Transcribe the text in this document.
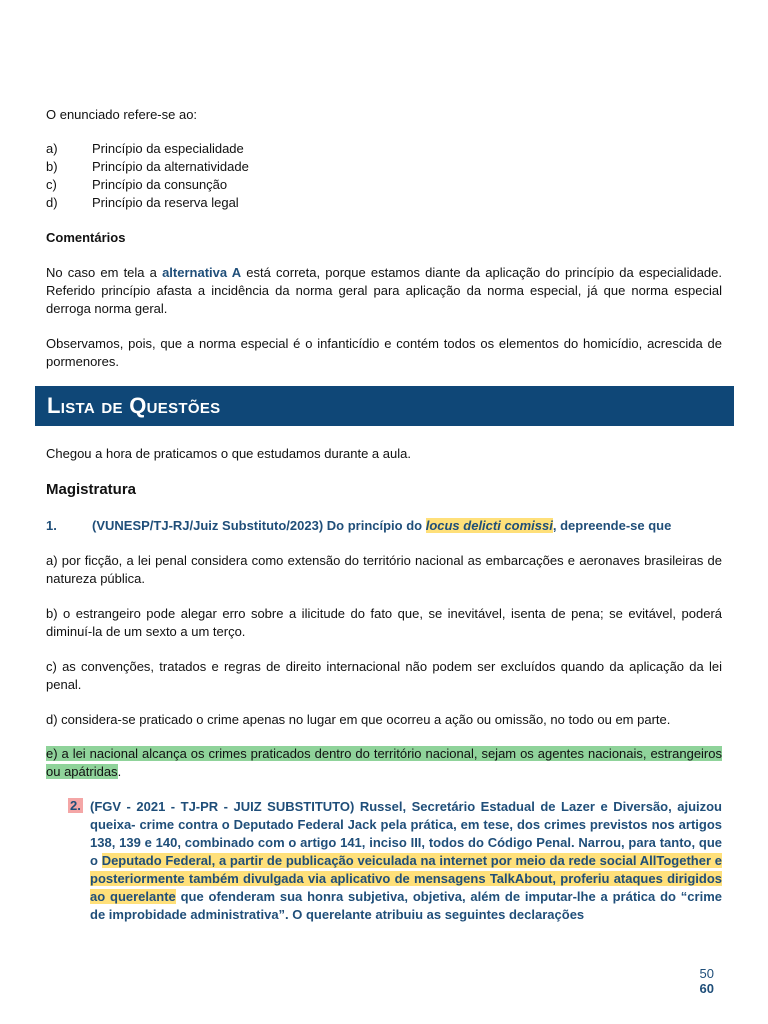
O enunciado refere-se ao:

a)	Princípio da especialidade
b)	Princípio da alternatividade
c)	Princípio da consunção
d)	Princípio da reserva legal

Comentários

No caso em tela a alternativa A está correta, porque estamos diante da aplicação do princípio da especialidade. Referido princípio afasta a incidência da norma geral para aplicação da norma especial, já que norma especial derroga norma geral.

Observamos, pois, que a norma especial é o infanticídio e contém todos os elementos do homicídio, acrescida de pormenores.

Chegou a hora de praticamos o que estudamos durante a aula.

Magistratura

1.	(VUNESP/TJ-RJ/Juiz Substituto/2023) Do princípio do locus delicti comissi, depreende-se que

a) por ficção, a lei penal considera como extensão do território nacional as embarcações e aeronaves brasileiras de natureza pública.

b) o estrangeiro pode alegar erro sobre a ilicitude do fato que, se inevitável, isenta de pena; se evitável, poderá diminuí-la de um sexto a um terço.

c) as convenções, tratados e regras de direito internacional não podem ser excluídos quando da aplicação da lei penal.

d) considera-se praticado o crime apenas no lugar em que ocorreu a ação ou omissão, no todo ou em parte.

e) a lei nacional alcança os crimes praticados dentro do território nacional, sejam os agentes nacionais, estrangeiros ou apátridas.

2. (FGV - 2021 - TJ-PR - JUIZ SUBSTITUTO) Russel, Secretário Estadual de Lazer e Diversão, ajuizou queixa- crime contra o Deputado Federal Jack pela prática, em tese, dos crimes previstos nos artigos 138, 139 e 140, combinado com o artigo 141, inciso III, todos do Código Penal. Narrou, para tanto, que o Deputado Federal, a partir de publicação veiculada na internet por meio da rede social AllTogether e posteriormente também divulgada via aplicativo de mensagens TalkAbout, proferiu ataques dirigidos ao querelante que ofenderam sua honra subjetiva, objetiva, além de imputar-lhe a prática do “crime de improbidade administrativa”. O querelante atribuiu as seguintes declarações

Lista de Questões
50
60
